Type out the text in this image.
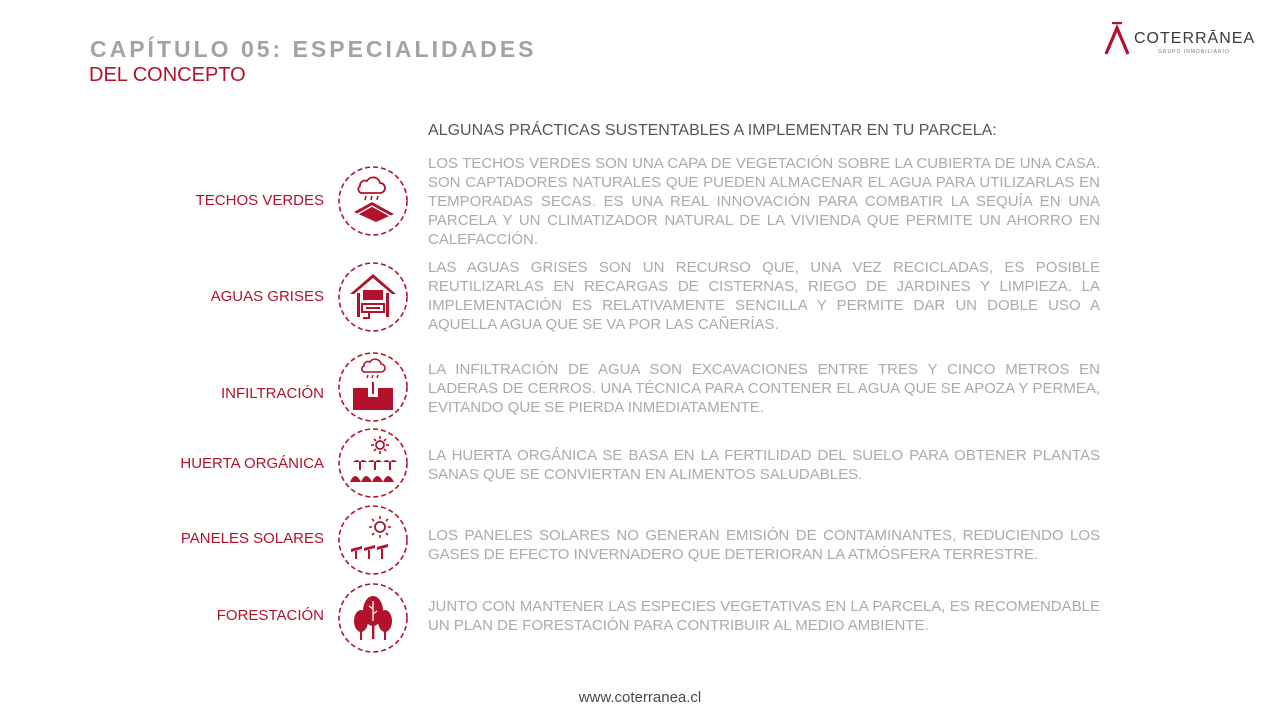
CAPÍTULO 05: ESPECIALIDADES
DEL CONCEPTO
COTERRĀNEA
GRUPO INMOBILIARIO
ALGUNAS PRÁCTICAS SUSTENTABLES A IMPLEMENTAR EN TU PARCELA:
TECHOS VERDES
LOS TECHOS VERDES SON UNA CAPA DE VEGETACIÓN SOBRE LA CUBIERTA DE UNA CASA. SON CAPTADORES NATURALES QUE PUEDEN ALMACENAR EL AGUA PARA UTILIZARLAS EN TEMPORADAS SECAS. ES UNA REAL INNOVACIÓN PARA COMBATIR LA SEQUÍA EN UNA PARCELA Y UN CLIMATIZADOR NATURAL DE LA VIVIENDA QUE PERMITE UN AHORRO EN CALEFACCIÓN.
AGUAS GRISES
LAS AGUAS GRISES SON UN RECURSO QUE, UNA VEZ RECICLADAS, ES POSIBLE REUTILIZARLAS EN RECARGAS DE CISTERNAS, RIEGO DE JARDINES Y LIMPIEZA. LA IMPLEMENTACIÓN ES RELATIVAMENTE SENCILLA Y PERMITE DAR UN DOBLE USO A AQUELLA AGUA QUE SE VA POR LAS CAÑERÍAS.
INFILTRACIÓN
LA INFILTRACIÓN DE AGUA SON EXCAVACIONES ENTRE TRES Y CINCO METROS EN LADERAS DE CERROS. UNA TÉCNICA PARA CONTENER EL AGUA QUE SE APOZA Y PERMEA, EVITANDO QUE SE PIERDA INMEDIATAMENTE.
HUERTA ORGÁNICA	LA HUERTA ORGÁNICA SE BASA EN LA FERTILIDAD DEL SUELO PARA OBTENER PLANTAS SANAS QUE SE CONVIERTAN EN ALIMENTOS SALUDABLES.
PANELES SOLARES	LOS PANELES SOLARES NO GENERAN EMISIÓN DE CONTAMINANTES, REDUCIENDO LOS GASES DE EFECTO INVERNADERO QUE DETERIORAN LA ATMÓSFERA TERRESTRE.
FORESTACIÓN
JUNTO CON MANTENER LAS ESPECIES VEGETATIVAS EN LA PARCELA, ES RECOMENDABLE UN PLAN DE FORESTACIÓN PARA CONTRIBUIR AL MEDIO AMBIENTE.
www.coterranea.cl
